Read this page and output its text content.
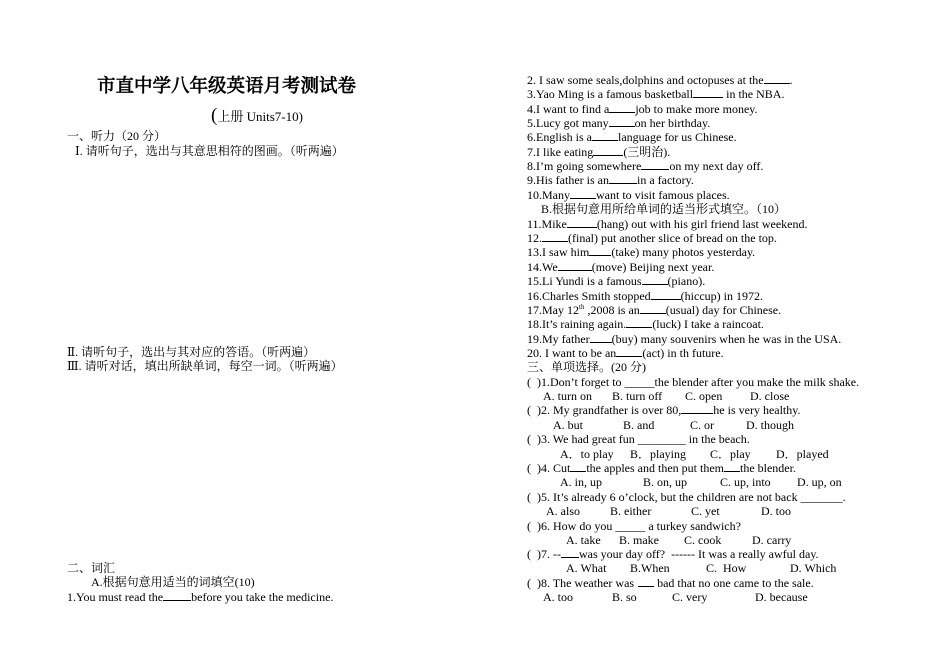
市直中学八年级英语月考测试卷
(上册 Units7-10)
一、听力（20 分）
Ⅰ. 请听句子，选出与其意思相符的图画。（听两遍）
Ⅱ. 请听句子，选出与其对应的答语。（听两遍）
Ⅲ. 请听对话，填出所缺单词，每空一词。（听两遍）
二、词汇
A.根据句意用适当的词填空(10)
1.You must read the before you take the medicine.
2. I saw some seals,dolphins and octopuses at the .
3.Yao Ming is a famous basketball	in the NBA.
4.I want to find a job to make more money.
5.Lucy got many on her birthday.
6.English is a language for us Chinese.
7.I like eating	(三明治).
8.I’m going somewhere on my next day off.
9.His father is an in a factory.
10.Many want to visit famous places.
B.根据句意用所给单词的适当形式填空。（10）
11.Mike	(hang) out with his girl friend last weekend.
12. (final) put another slice of bread on the top.
13.I saw him (take) many photos yesterday.
14.We	(move) Beijing next year.
15.Li Yundi is a famous (piano).
16.Charles Smith stopped	(hiccup) in 1972.
17.May 12th ,2008 is an (usual) day for Chinese.
18.It’s raining again. (luck) I take a raincoat.
19.My father (buy) many souvenirs when he was in the USA.
20. I want to be an (act) in th future.
三、单项选择。(20 分)
(  )1.Don’t forget to _____the blender after you make the milk shake.
A. turn on B. turn off C. open D. close
(  )2. My grandfather is over 80,	he is very healthy.
A. but	B. and	C. or	D. though
(  )3. We had great fun ________ in the beach.
A．to play B．playing C．play D．played
(  )4. Cut the apples and then put them the blender.
A. in, up	B. on, up	C. up, into D. up, on
(  )5. It’s already 6 o’clock, but the children are not back _______.
A. also	B. either	C. yet	D. too
(  )6. How do you _____ a turkey sandwich?
A. take B. make C. cook	D. carry
(  )7. -- was your day off?  ------ It was a really awful day.
A. What B.When	C.  How	D. Which
(  )8. The weather was bad that no one came to the sale.
A. too	B. so	C. very	D. because
